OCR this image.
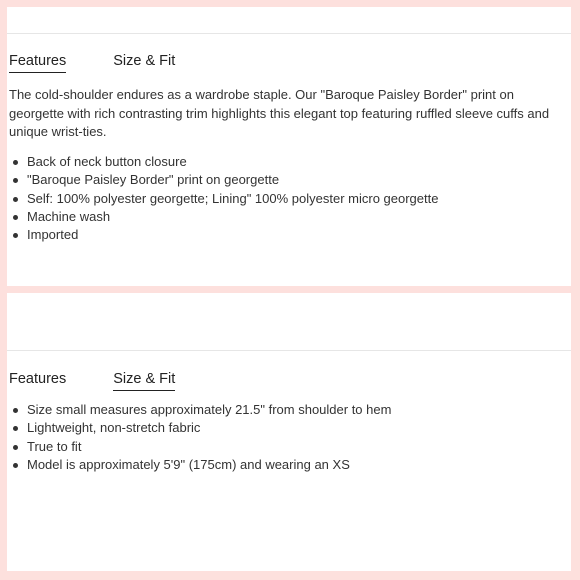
Features	Size & Fit

The cold-shoulder endures as a wardrobe staple. Our "Baroque Paisley Border" print on georgette with rich contrasting trim highlights this elegant top featuring ruffled sleeve cuffs and unique wrist-ties.

Back of neck button closure
"Baroque Paisley Border" print on georgette
Self: 100% polyester georgette; Lining" 100% polyester micro georgette
Machine wash
Imported
Features	Size & Fit
Size small measures approximately 21.5" from shoulder to hem
Lightweight, non-stretch fabric
True to fit
Model is approximately 5'9" (175cm) and wearing an XS
